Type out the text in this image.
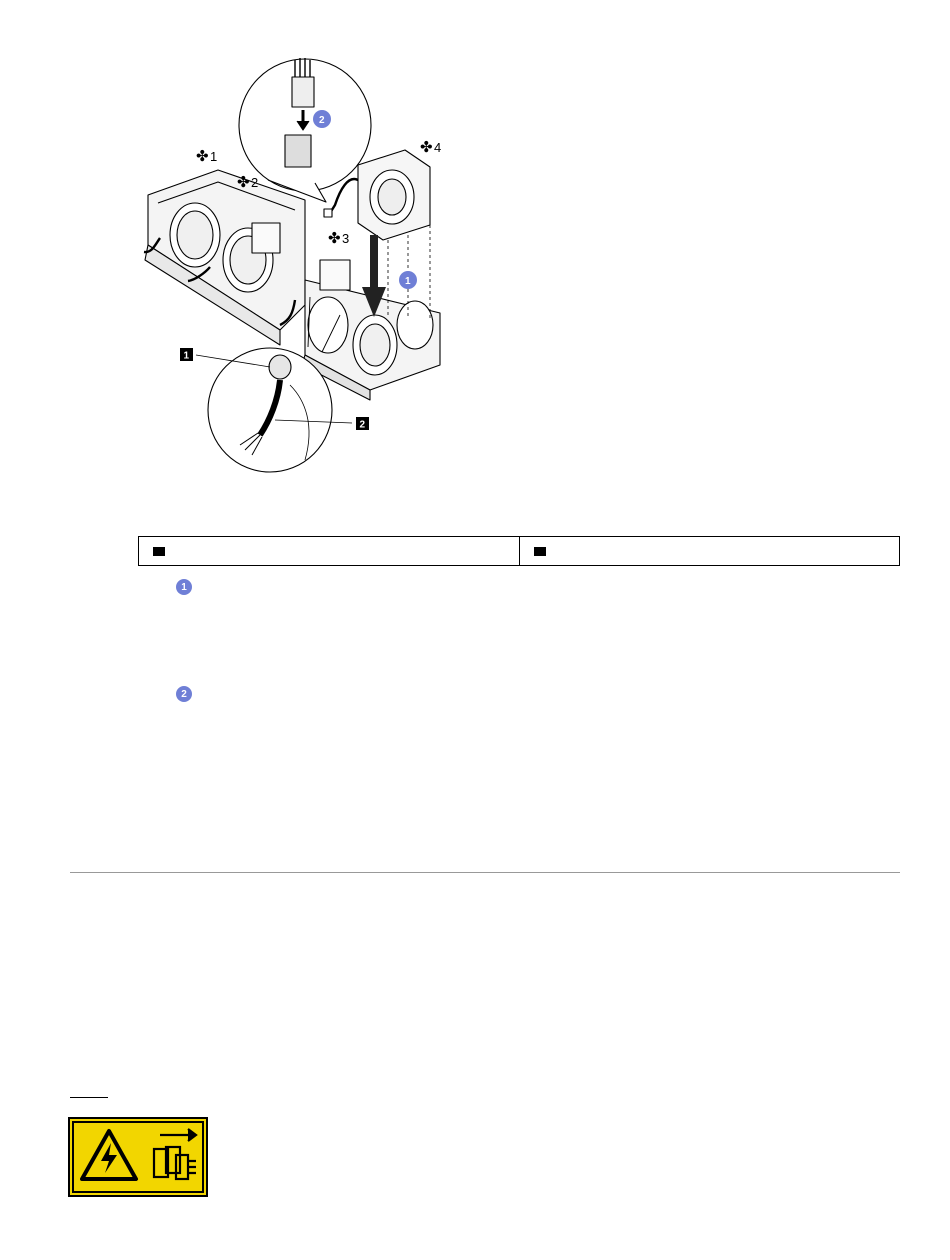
✤ 1
✤ 2
✤ 3
✤ 4
1
2
1
2
1
2
